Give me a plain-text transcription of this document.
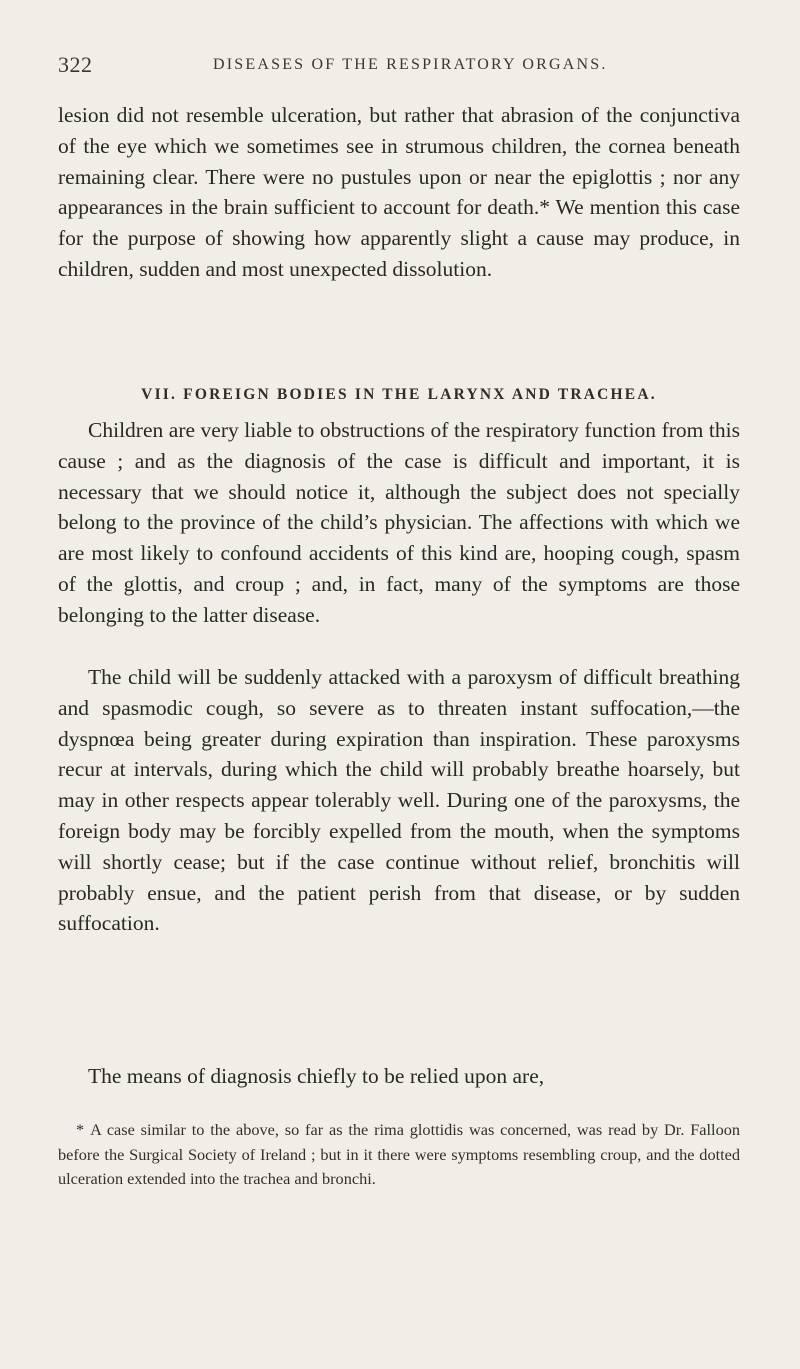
322	DISEASES OF THE RESPIRATORY ORGANS.

lesion did not resemble ulceration, but rather that abrasion of the conjunctiva of the eye which we sometimes see in strumous children, the cornea beneath remaining clear. There were no pustules upon or near the epiglottis ; nor any appearances in the brain sufficient to account for death.* We mention this case for the purpose of showing how apparently slight a cause may produce, in children, sudden and most unexpected dissolution.

VII. FOREIGN BODIES IN THE LARYNX AND TRACHEA.

Children are very liable to obstructions of the respiratory function from this cause ; and as the diagnosis of the case is difficult and important, it is necessary that we should notice it, although the subject does not specially belong to the province of the child’s physician. The affections with which we are most likely to confound accidents of this kind are, hooping cough, spasm of the glottis, and croup ; and, in fact, many of the symptoms are those belonging to the latter disease.

The child will be suddenly attacked with a paroxysm of difficult breathing and spasmodic cough, so severe as to threaten instant suffocation,—the dyspnœa being greater during expiration than inspiration. These paroxysms recur at intervals, during which the child will probably breathe hoarsely, but may in other respects appear tolerably well. During one of the paroxysms, the foreign body may be forcibly expelled from the mouth, when the symptoms will shortly cease; but if the case continue without relief, bronchitis will probably ensue, and the patient perish from that disease, or by sudden suffocation.

The means of diagnosis chiefly to be relied upon are,

* A case similar to the above, so far as the rima glottidis was concerned, was read by Dr. Falloon before the Surgical Society of Ireland ; but in it there were symptoms resembling croup, and the dotted ulceration extended into the trachea and bronchi.
